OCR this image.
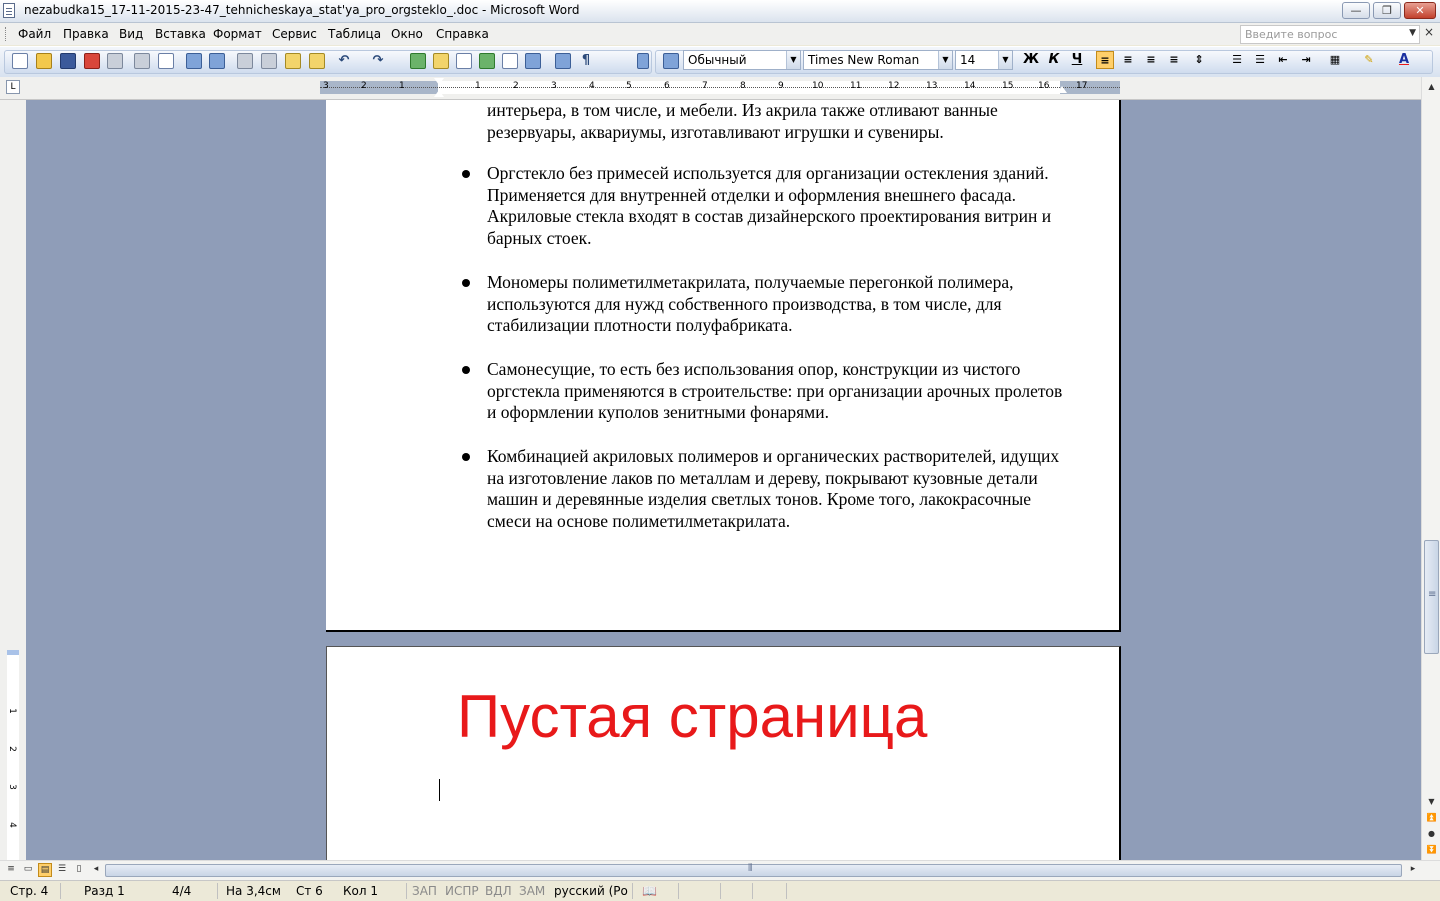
nezabudka15_17-11-2015-23-47_tehnicheskaya_stat'ya_pro_orgsteklo_.doc - Microsoft Word	—	❐	✕
Файл Правка Вид Вставка Формат Сервис Таблица Окно Справка	Введите вопрос	▼ ×
↶ ↷	¶	Обычный	▼ Times New Roman	▼ 14	▼ Ж К Ч	≡	≡	≡	≡	⇕	☰	☰	⇤	⇥	▦	✎	A
L	3	2	1	1	2	3	4	5	6	7	8	9	10	11	12	13	14	15	16	17
1
2
3
4
интерьера, в том числе, и мебели. Из акрила также отливают ванные резервуары, аквариумы, изготавливают игрушки и сувениры.
Оргстекло без примесей используется для организации остекления зданий. Применяется для внутренней отделки и оформления внешнего фасада. Акриловые стекла входят в состав дизайнерского проектирования витрин и барных стоек.
Мономеры полиметилметакрилата, получаемые перегонкой полимера, используются для нужд собственного производства, в том числе, для стабилизации плотности полуфабриката.
Самонесущие, то есть без использования опор, конструкции из чистого оргстекла применяются в строительстве: при организации арочных пролетов и оформлении куполов зенитными фонарями.
Комбинацией акриловых полимеров и органических растворителей, идущих на изготовление лаков по металлам и дереву, покрывают кузовные детали машин и деревянные изделия светлых тонов. Кроме того, лакокрасочные смеси на основе полиметилметакрилата.
Пустая страница
▲
≡
▼
⏫
●
⏬
≡ ▭ ▤ ☰	▯	◂
⦀	▸
Стр. 4	Разд 1	4/4	На 3,4см Ст 6 Кол 1	ЗАП ИСПР ВДЛ ЗАМ русский (Ро 📖
